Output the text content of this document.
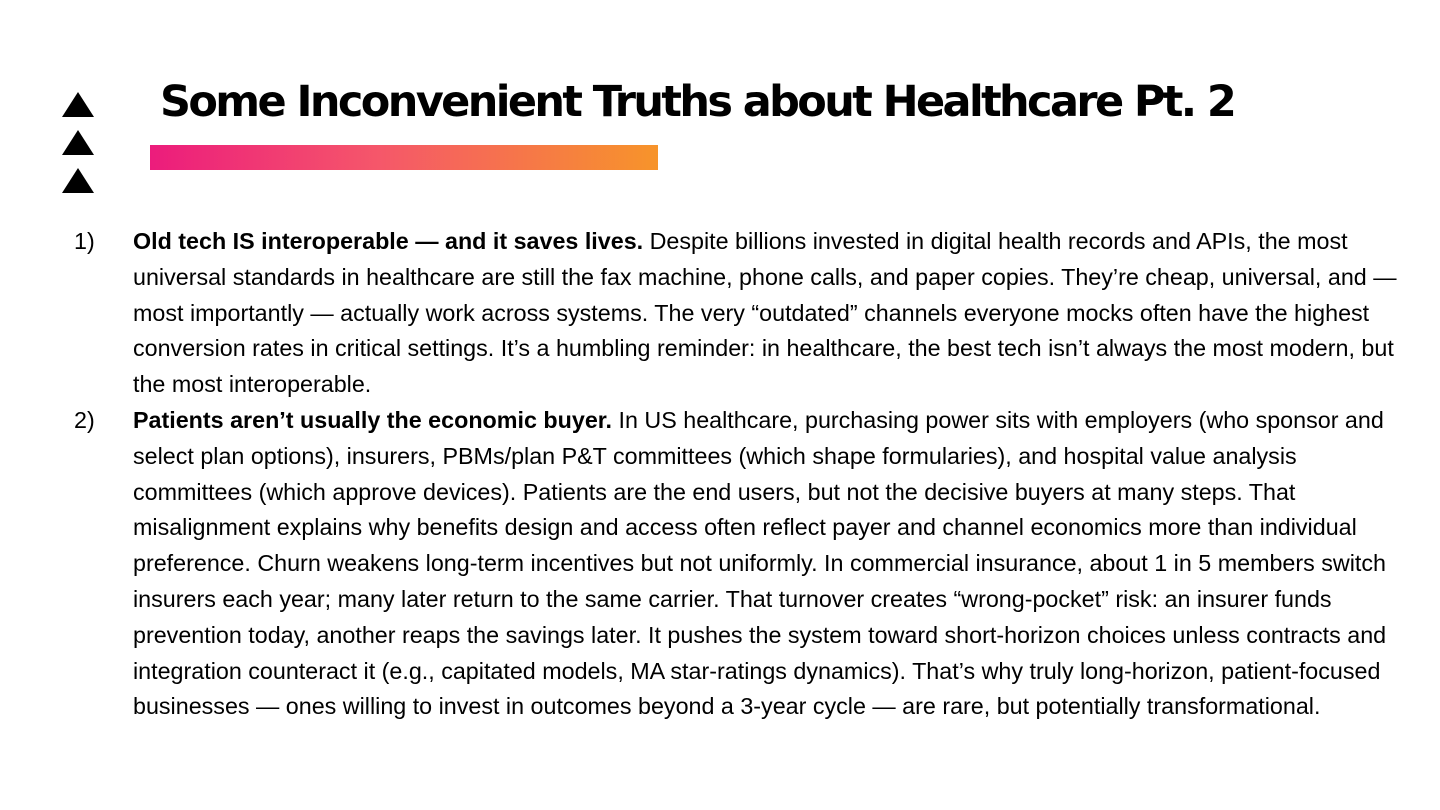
Some Inconvenient Truths about Healthcare Pt. 2
1)	Old tech IS interoperable — and it saves lives. Despite billions invested in digital health records and APIs, the most universal standards in healthcare are still the fax machine, phone calls, and paper copies. They’re cheap, universal, and — most importantly — actually work across systems. The very “outdated” channels everyone mocks often have the highest conversion rates in critical settings. It’s a humbling reminder: in healthcare, the best tech isn’t always the most modern, but the most interoperable.
2)	Patients aren’t usually the economic buyer. In US healthcare, purchasing power sits with employers (who sponsor and select plan options), insurers, PBMs/plan P&T committees (which shape formularies), and hospital value analysis committees (which approve devices). Patients are the end users, but not the decisive buyers at many steps. That misalignment explains why benefits design and access often reflect payer and channel economics more than individual preference. Churn weakens long-term incentives but not uniformly. In commercial insurance, about 1 in 5 members switch insurers each year; many later return to the same carrier. That turnover creates “wrong-pocket” risk: an insurer funds prevention today, another reaps the savings later. It pushes the system toward short-horizon choices unless contracts and integration counteract it (e.g., capitated models, MA star-ratings dynamics). That’s why truly long-horizon, patient-focused businesses — ones willing to invest in outcomes beyond a 3-year cycle — are rare, but potentially transformational.
